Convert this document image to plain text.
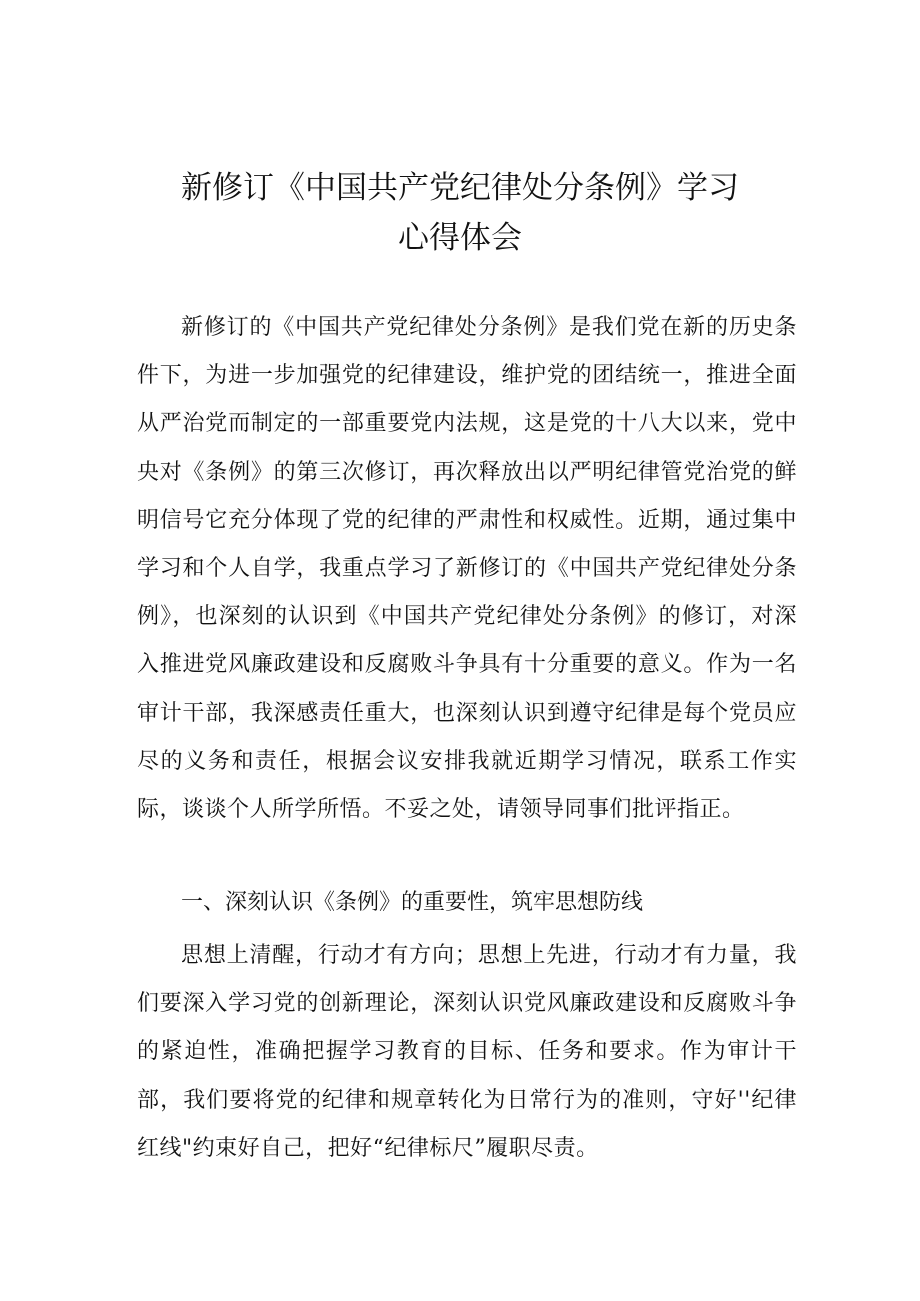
新修订《中国共产党纪律处分条例》学习
心得体会

新修订的《中国共产党纪律处分条例》是我们党在新的历史条件下，为进一步加强党的纪律建设，维护党的团结统一，推进全面从严治党而制定的一部重要党内法规，这是党的十八大以来，党中央对《条例》的第三次修订，再次释放出以严明纪律管党治党的鲜明信号它充分体现了党的纪律的严肃性和权威性。近期，通过集中学习和个人自学，我重点学习了新修订的《中国共产党纪律处分条例》，也深刻的认识到《中国共产党纪律处分条例》的修订，对深入推进党风廉政建设和反腐败斗争具有十分重要的意义。作为一名审计干部，我深感责任重大，也深刻认识到遵守纪律是每个党员应尽的义务和责任，根据会议安排我就近期学习情况，联系工作实际，谈谈个人所学所悟。不妥之处，请领导同事们批评指正。

一、深刻认识《条例》的重要性，筑牢思想防线

思想上清醒，行动才有方向；思想上先进，行动才有力量，我们要深入学习党的创新理论，深刻认识党风廉政建设和反腐败斗争的紧迫性，准确把握学习教育的目标、任务和要求。作为审计干部，我们要将党的纪律和规章转化为日常行为的准则，守好''纪律红线"约束好自己，把好“纪律标尺”履职尽责。
